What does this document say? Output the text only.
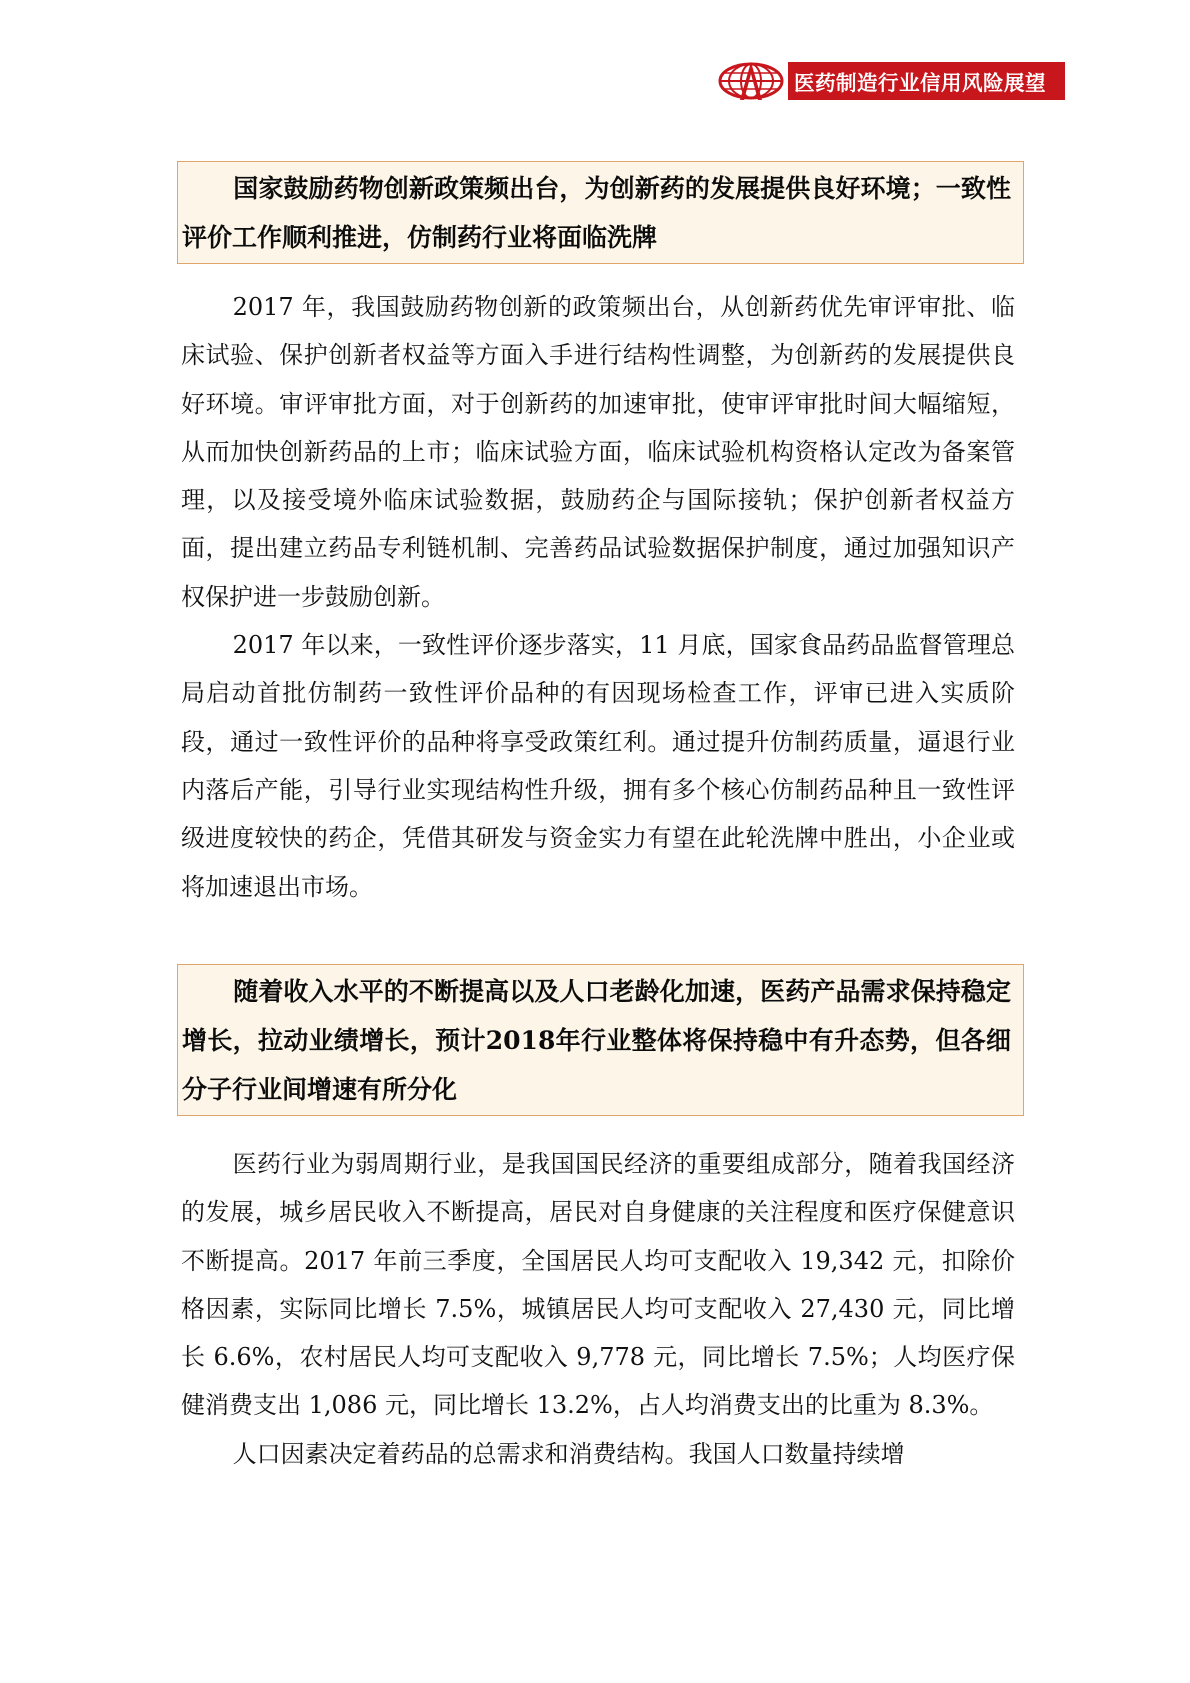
医药制造行业信用风险展望

国家鼓励药物创新政策频出台，为创新药的发展提供良好环境；一致性评价工作顺利推进，仿制药行业将面临洗牌

2017 年，我国鼓励药物创新的政策频出台，从创新药优先审评审批、临床试验、保护创新者权益等方面入手进行结构性调整，为创新药的发展提供良好环境。审评审批方面，对于创新药的加速审批，使审评审批时间大幅缩短，从而加快创新药品的上市；临床试验方面，临床试验机构资格认定改为备案管理，以及接受境外临床试验数据，鼓励药企与国际接轨；保护创新者权益方面，提出建立药品专利链机制、完善药品试验数据保护制度，通过加强知识产权保护进一步鼓励创新。

2017 年以来，一致性评价逐步落实，11 月底，国家食品药品监督管理总局启动首批仿制药一致性评价品种的有因现场检查工作，评审已进入实质阶段，通过一致性评价的品种将享受政策红利。通过提升仿制药质量，逼退行业内落后产能，引导行业实现结构性升级，拥有多个核心仿制药品种且一致性评级进度较快的药企，凭借其研发与资金实力有望在此轮洗牌中胜出，小企业或将加速退出市场。

随着收入水平的不断提高以及人口老龄化加速，医药产品需求保持稳定增长，拉动业绩增长，预计2018年行业整体将保持稳中有升态势，但各细分子行业间增速有所分化

医药行业为弱周期行业，是我国国民经济的重要组成部分，随着我国经济的发展，城乡居民收入不断提高，居民对自身健康的关注程度和医疗保健意识不断提高。2017 年前三季度，全国居民人均可支配收入 19,342 元，扣除价格因素，实际同比增长 7.5%，城镇居民人均可支配收入 27,430 元，同比增长 6.6%，农村居民人均可支配收入 9,778 元，同比增长 7.5%；人均医疗保健消费支出 1,086 元，同比增长 13.2%，占人均消费支出的比重为 8.3%。

人口因素决定着药品的总需求和消费结构。我国人口数量持续增
